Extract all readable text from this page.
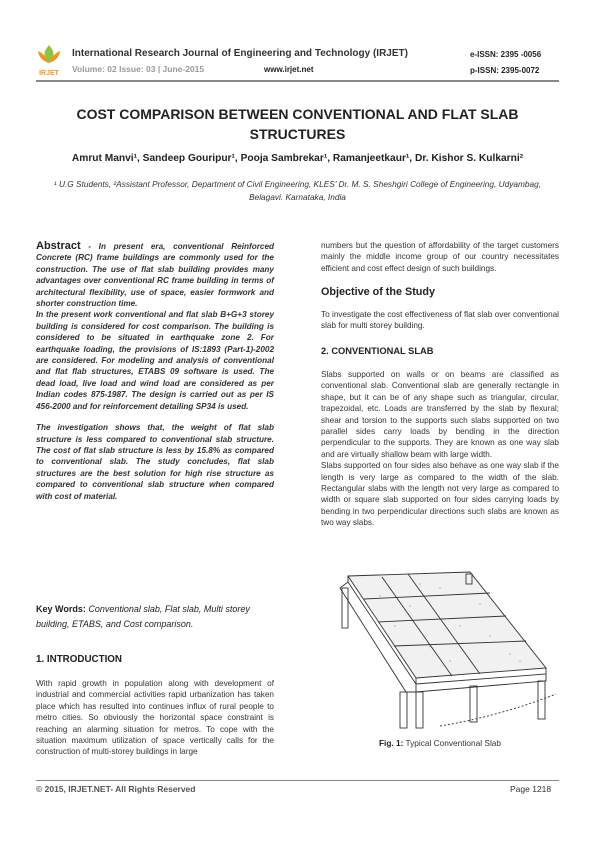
IRJET
International Research Journal of Engineering and Technology (IRJET)
Volume: 02 Issue: 03 | June-2015	www.irjet.net
e-ISSN: 2395 -0056
p-ISSN: 2395-0072
COST COMPARISON BETWEEN CONVENTIONAL AND FLAT SLAB STRUCTURES
Amrut Manvi¹, Sandeep Gouripur¹, Pooja Sambrekar¹, Ramanjeetkaur¹, Dr. Kishor S. Kulkarni²
¹ U.G Students, ²Assistant Professor, Department of Civil Engineering, KLES’ Dr. M. S. Sheshgiri College of Engineering, Udyambag, Belagavi. Karnataka, India

Abstract - In present era, conventional Reinforced Concrete (RC) frame buildings are commonly used for the construction. The use of flat slab building provides many advantages over conventional RC frame building in terms of architectural flexibility, use of space, easier formwork and shorter construction time.

In the present work conventional and flat slab B+G+3 storey building is considered for cost comparison. The building is considered to be situated in earthquake zone 2. For earthquake loading, the provisions of IS:1893 (Part-1)-2002 are considered. For modeling and analysis of conventional and flat flab structures, ETABS 09 software is used. The dead load, live load and wind load are considered as per Indian codes 875-1987. The design is carried out as per IS 456-2000 and for reinforcement detailing SP34 is used.

The investigation shows that, the weight of flat slab structure is less compared to conventional slab structure. The cost of flat slab structure is less by 15.8% as compared to conventional slab. The study concludes, flat slab structures are the best solution for high rise structure as compared to conventional slab structure when compared with cost of material.

Key Words: Conventional slab, Flat slab, Multi storey building, ETABS, and Cost comparison.
1. INTRODUCTION
With rapid growth in population along with development of industrial and commercial activities rapid urbanization has taken place which has resulted into continues influx of rural people to metro cities. So obviously the horizontal space constraint is reaching an alarming situation for metros. To cope with the situation maximum utilization of space vertically calls for the construction of multi-storey buildings in large
numbers but the question of affordability of the target customers mainly the middle income group of our country necessitates efficient and cost effect design of such buildings.
Objective of the Study
To investigate the cost effectiveness of flat slab over conventional slab for multi storey building.
2. CONVENTIONAL SLAB

Slabs supported on walls or on beams are classified as conventional slab. Conventional slab are generally rectangle in shape, but it can be of any shape such as triangular, circular, trapezoidal, etc. Loads are transferred by the slab by flexural; shear and torsion to the supports such slabs supported on two parallel sides carry loads by bending in the direction perpendicular to the supports. They are known as one way slab and are virtually shallow beam with large width.

Slabs supported on four sides also behave as one way slab if the length is very large as compared to the width of the slab. Rectangular slabs with the length not very large as compared to width or square slab supported on four sides carrying loads by bending in two perpendicular directions such slabs are known as two way slabs.

Fig. 1: Typical Conventional Slab
© 2015, IRJET.NET- All Rights Reserved	Page 1218
